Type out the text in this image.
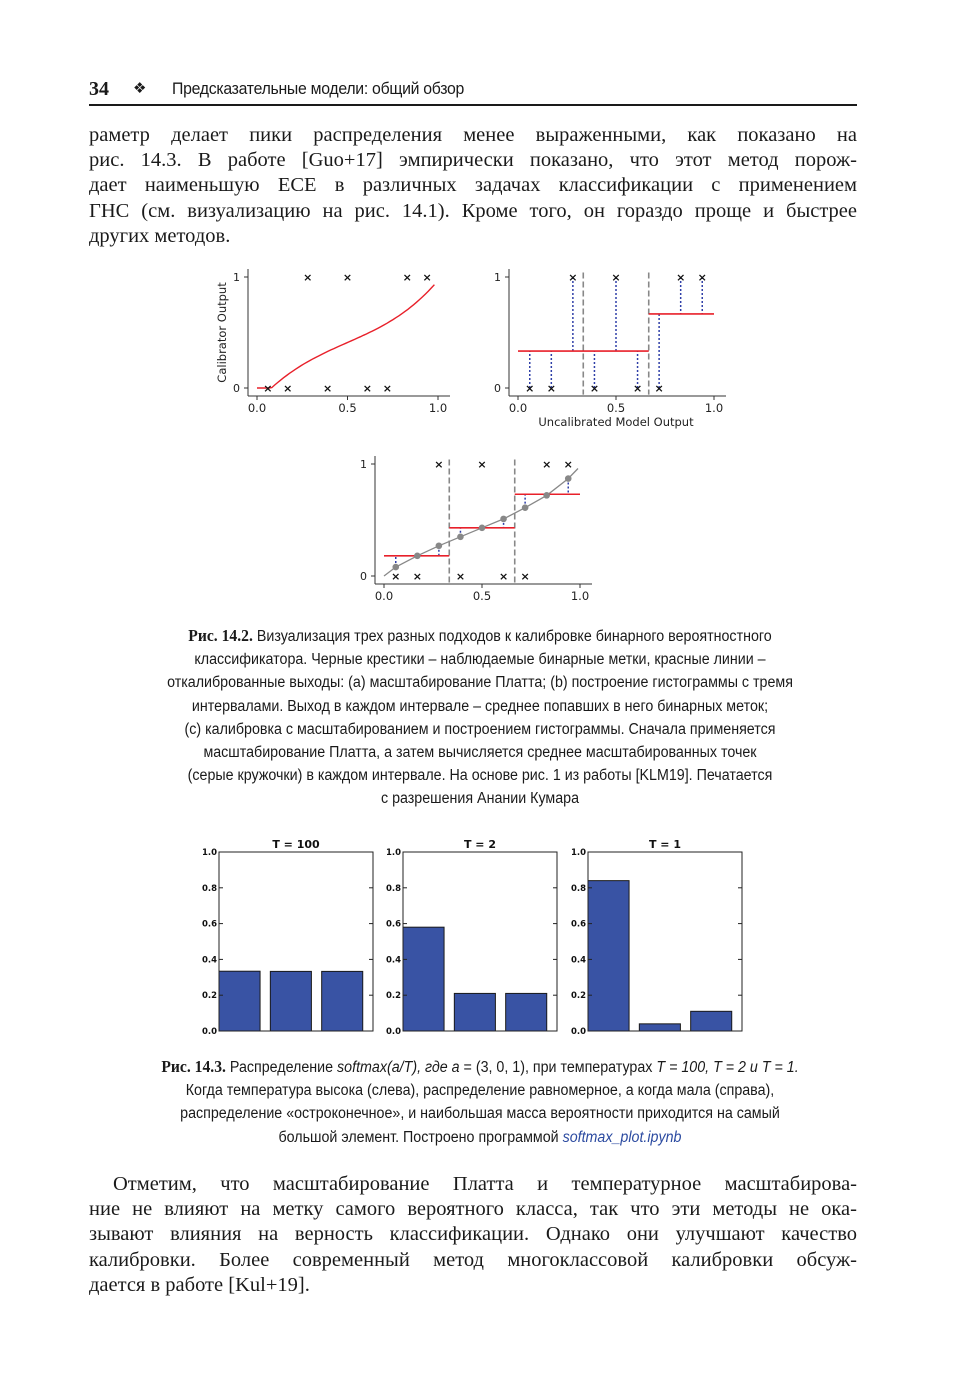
34 ❖ Предсказательные модели: общий обзор
раметр делает пики распределения менее выраженными, как показано на
рис. 14.3. В работе [Guo+17] эмпирически показано, что этот метод порож-
дает наименьшую ECE в различных задачах классификации с применением
ГНС (см. визуализацию на рис. 14.1). Кроме того, он гораздо проще и быстрее
других методов.
0
1
0.0	0.5	1.0
Calibrator Output
×	×	× ×
× ×	×	× ×	0
1
0.0	0.5	1.0
Uncalibrated Model Output
×	×	× ×
× ×	×	× ×
0
1
0.0	0.5	1.0
×	×	× ×
× ×	×	× ×
Рис. 14.2. Визуализация трех разных подходов к калибровке бинарного вероятностного
классификатора. Черные крестики – наблюдаемые бинарные метки, красные линии –
откалиброванные выходы: (a) масштабирование Платта; (b) построение гистограммы с тремя
интервалами. Выход в каждом интервале – среднее попавших в него бинарных меток;
(c) калибровка с масштабированием и построением гистограммы. Сначала применяется
масштабирование Платта, а затем вычисляется среднее масштабированных точек
(серые кружочки) в каждом интервале. На основе рис. 1 из работы [KLM19]. Печатается
с разрешения Анании Кумара
T = 100
0.0
0.2
0.4
0.6
0.8
1.0
T = 2
0.0
0.2
0.4
0.6
0.8
1.0
T = 1
0.0
0.2
0.4
0.6
0.8
1.0
Рис. 14.3. Распределение softmax(a/T), где a = (3, 0, 1), при температурах T = 100, T = 2 и T = 1.
Когда температура высока (слева), распределение равномерное, а когда мала (справа),
распределение «остроконечное», и наибольшая масса вероятности приходится на самый
большой элемент. Построено программой softmax_plot.ipynb
Отметим, что масштабирование Платта и температурное масштабирова-
ние не влияют на метку самого вероятного класса, так что эти методы не ока-
зывают влияния на верность классификации. Однако они улучшают качество
калибровки. Более современный метод многоклассовой калибровки обсуж-
дается в работе [Kul+19].
